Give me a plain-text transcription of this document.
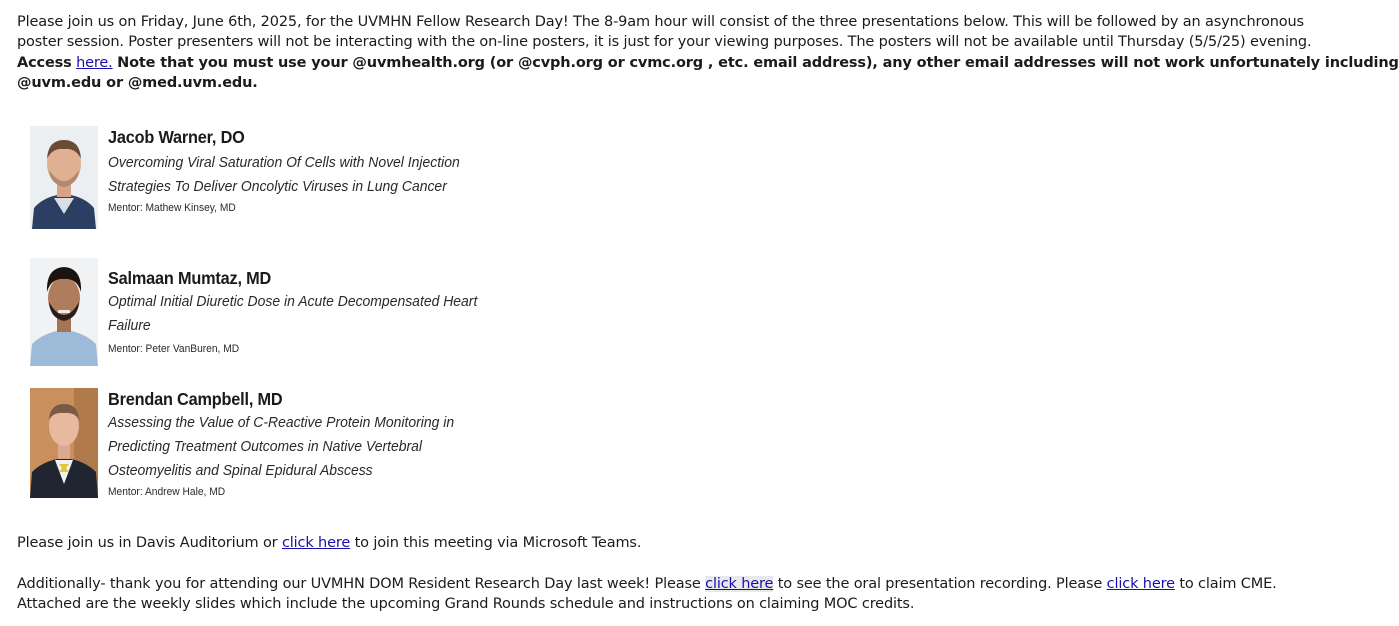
Please join us on Friday, June 6th, 2025, for the UVMHN Fellow Research Day! The 8-9am hour will consist of the three presentations below. This will be followed by an asynchronous
poster session. Poster presenters will not be interacting with the on-line posters, it is just for your viewing purposes. The posters will not be available until Thursday (5/5/25) evening.
Access here. Note that you must use your @uvmhealth.org (or @cvph.org or cvmc.org , etc. email address), any other email addresses will not work unfortunately including
@uvm.edu or @med.uvm.edu.
Jacob Warner, DO
Overcoming Viral Saturation Of Cells with Novel Injection
Strategies To Deliver Oncolytic Viruses in Lung Cancer
Mentor: Mathew Kinsey, MD
Salmaan Mumtaz, MD
Optimal Initial Diuretic Dose in Acute Decompensated Heart
Failure
Mentor: Peter VanBuren, MD
Brendan Campbell, MD
Assessing the Value of C-Reactive Protein Monitoring in
Predicting Treatment Outcomes in Native Vertebral
Osteomyelitis and Spinal Epidural Abscess
Mentor: Andrew Hale, MD
Please join us in Davis Auditorium or click here to join this meeting via Microsoft Teams.
Additionally- thank you for attending our UVMHN DOM Resident Research Day last week! Please click here to see the oral presentation recording. Please click here to claim CME.
Attached are the weekly slides which include the upcoming Grand Rounds schedule and instructions on claiming MOC credits.
